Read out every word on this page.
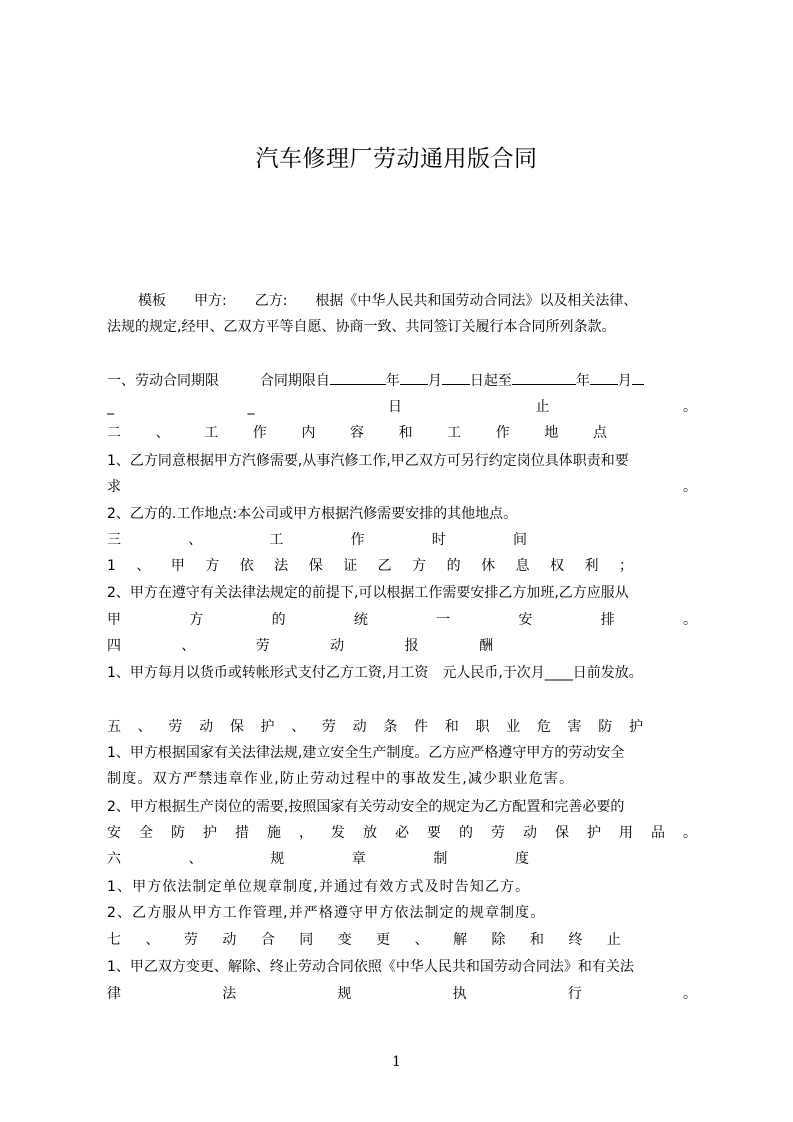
汽车修理厂劳动通用版合同
模板　　甲方:　　乙方:　　根据《中华人民共和国劳动合同法》以及相关法律、
法规的规定,经甲、乙双方平等自愿、协商一致、共同签订关履行本合同所列条款。
一、劳动合同期限	合同期限自	年 月 日起至	年 月
_	_	日	止	。
二 、 工 作 内 容 和 工 作 地 点
1、乙方同意根据甲方汽修需要,从事汽修工作,甲乙双方可另行约定岗位具体职责和要
求	。
2、乙方的.工作地点:本公司或甲方根据汽修需要安排的其他地点。
三	、	工	作	时	间
1 、 甲 方 依 法 保 证 乙 方 的 休 息 权 利 ；
2、甲方在遵守有关法律法规定的前提下,可以根据工作需要安排乙方加班,乙方应服从
甲	方	的	统	一	安	排	。
四	、	劳	动	报	酬
1、甲方每月以货币或转帐形式支付乙方工资,月工资　元人民币,于次月____日前发放。
五 、 劳 动 保 护 、 劳 动 条 件 和 职 业 危 害 防 护
1、甲方根据国家有关法律法规,建立安全生产制度。乙方应严格遵守甲方的劳动安全
制度。双方严禁违章作业,防止劳动过程中的事故发生,减少职业危害。
2、甲方根据生产岗位的需要,按照国家有关劳动安全的规定为乙方配置和完善必要的
安 全 防 护 措 施 ， 发 放 必 要 的 劳 动 保 护 用 品 。
六	、	规	章	制	度
1、甲方依法制定单位规章制度,并通过有效方式及时告知乙方。
2、乙方服从甲方工作管理,并严格遵守甲方依法制定的规章制度。
七 、 劳 动 合 同 变 更 、 解 除 和 终 止
1、甲乙双方变更、解除、终止劳动合同依照《中华人民共和国劳动合同法》和有关法
律	法	规	执	行	。
1
